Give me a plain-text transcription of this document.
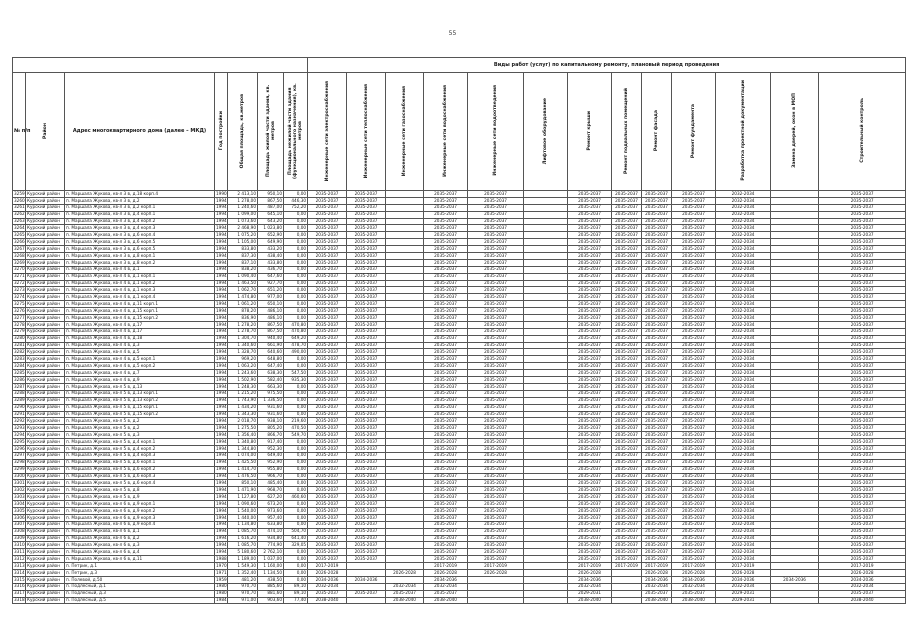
55
							Виды работ (услуг) по капитальному ремонту, плановый период проведения												
№ п/п	Район	Адрес многоквартирного дома (далее – МКД)	Год постройки	Общая площадь, кв.метров	Площадь жилой части здания, кв. метров	Площадь нежилой части здания (функционального назначения), кв. метров	Инженерные сети электроснабжения	Инженерные сети теплоснабжения	Инженерные сети газоснабжения	Инженерные сети водоснабжения	Инженерные сети водоотведения	Лифтовое оборудование	Ремонт крыши	Ремонт подвальных помещений	Ремонт фасада	Ремонт фундамента	Разработка проектной документации	Замена дверей, окон в МОП	Строительный контроль
3259	Курский район	п. Маршала Жукова, кв-л 3 в, д.18 корп.4	1990	2 413,10	950,10	0,00	2035-2037	2035-2037		2035-2037	2035-2037		2035-2037	2035-2037	2035-2037	2035-2037	2032-2034		2035-2037
3260	Курский район	п. Маршала Жукова, кв-л 3 в, д.2	1994	1 278,00	867,50	446,30	2035-2037	2035-2037		2035-2037	2035-2037		2035-2037	2035-2037	2035-2037	2035-2037	2032-2034		2035-2037
3261	Курский район	п. Маршала Жукова, кв-л 3 в, д.2 корп.1	1994	1 240,60	487,00	752,20	2035-2037	2035-2037		2035-2037	2035-2037		2035-2037	2035-2037	2035-2037	2035-2037	2032-2034		2035-2037
3262	Курский район	п. Маршала Жукова, кв-л 3 в, д.4 корп.1	1994	1 099,00	645,10	0,00	2035-2037	2035-2037		2035-2037	2035-2037		2035-2037	2035-2037	2035-2037	2035-2037	2032-2034		2035-2037
3263	Курский район	п. Маршала Жукова, кв-л 3 в, д.4 корп.2	1994	1 073,60	643,20	0,00	2035-2037	2035-2037		2035-2037	2035-2037		2035-2037	2035-2037	2035-2037	2035-2037	2032-2034		2035-2037
3264	Курский район	п. Маршала Жукова, кв-л 3 в, д.4 корп.3	1994	2 468,90	1 023,80	0,00	2035-2037	2035-2037		2035-2037	2035-2037		2035-2037	2035-2037	2035-2037	2035-2037	2032-2034		2035-2037
3265	Курский район	п. Маршала Жукова, кв-л 3 в, д.6 корп.4	1994	1 075,20	652,90	0,00	2035-2037	2035-2037		2035-2037	2035-2037		2035-2037	2035-2037	2035-2037	2035-2037	2032-2034		2035-2037
3266	Курский район	п. Маршала Жукова, кв-л 3 в, д.6 корп.5	1994	1 105,00	649,90	0,00	2035-2037	2035-2037		2035-2037	2035-2037		2035-2037	2035-2037	2035-2037	2035-2037	2032-2034		2035-2037
3267	Курский район	п. Маршала Жукова, кв-л 3 в, д.6 корп.5	1994	833,80	433,20	0,00	2035-2037	2035-2037		2035-2037	2035-2037		2035-2037	2035-2037	2035-2037	2035-2037	2032-2034		2035-2037
3268	Курский район	п. Маршала Жукова, кв-л 3 в, д.8 корп.1	1994	837,30	438,40	0,00	2035-2037	2035-2037		2035-2037	2035-2037		2035-2037	2035-2037	2035-2037	2035-2037	2032-2034		2035-2037
3269	Курский район	п. Маршала Жукова, кв-л 3 в, д.8 корп.2	1994	837,10	433,80	0,00	2035-2037	2035-2037		2035-2037	2035-2037		2035-2037	2035-2037	2035-2037	2035-2037	2032-2034		2035-2037
3270	Курский район	п. Маршала Жукова, кв-л 4 в, д.1	1994	838,20	436,70	0,00	2035-2037	2035-2037		2035-2037	2035-2037		2035-2037	2035-2037	2035-2037	2035-2037	2032-2034		2035-2037
3271	Курский район	п. Маршала Жукова, кв-л 4 в, д.1 корп.1	1994	1 090,40	647,60	0,00	2035-2037	2035-2037		2035-2037	2035-2037		2035-2037	2035-2037	2035-2037	2035-2037	2032-2034		2035-2037
3272	Курский район	п. Маршала Жукова, кв-л 4 в, д.1 корп.2	1994	1 463,50	927,70	0,00	2035-2037	2035-2037		2035-2037	2035-2037		2035-2037	2035-2037	2035-2037	2035-2037	2032-2034		2035-2037
3273	Курский район	п. Маршала Жукова, кв-л 4 в, д.1 корп.3	1994	1 062,70	651,20	0,00	2035-2037	2035-2037		2035-2037	2035-2037		2035-2037	2035-2037	2035-2037	2035-2037	2032-2034		2035-2037
3274	Курский район	п. Маршала Жукова, кв-л 4 в, д.1 корп.4	1994	1 474,80	977,00	0,00	2035-2037	2035-2037		2035-2037	2035-2037		2035-2037	2035-2037	2035-2037	2035-2037	2032-2034		2035-2037
3275	Курский район	п. Маршала Жукова, кв-л 4 в, д.11 корп.1	1994	1 061,20	650,10	0,00	2035-2037	2035-2037		2035-2037	2035-2037		2035-2037	2035-2037	2035-2037	2035-2037	2032-2034		2035-2037
3276	Курский район	п. Маршала Жукова, кв-л 4 в, д.15 корп.1	1994	878,20	486,10	0,00	2035-2037	2035-2037		2035-2037	2035-2037		2035-2037	2035-2037	2035-2037	2035-2037	2032-2034		2035-2037
3277	Курский район	п. Маршала Жукова, кв-л 4 в, д.15 корп.2	1994	836,90	486,10	0,00	2035-2037	2035-2037		2035-2037	2035-2037		2035-2037	2035-2037	2035-2037	2035-2037	2032-2034		2035-2037
3278	Курский район	п. Маршала Жукова, кв-л 4 в, д.17	1994	1 278,20	867,50	470,80	2035-2037	2035-2037		2035-2037	2035-2037		2035-2037	2035-2037	2035-2037	2035-2037	2032-2034		2035-2037
3279	Курский район	п. Маршала Жукова, кв-л 4 в, д.17	1994	1 278,70	867,50	470,80	2035-2037	2035-2037		2035-2037	2035-2037		2035-2037	2035-2037	2035-2037	2035-2037	2032-2034		2035-2037
3280	Курский район	п. Маршала Жукова, кв-л 4 в, д.18	1994	1 304,70	940,40	649,20	2035-2037	2035-2037		2035-2037	2035-2037		2035-2037	2035-2037	2035-2037	2035-2037	2032-2034		2035-2037
3281	Курский район	п. Маршала Жукова, кв-л 4 в, д.3	1994	1 340,60	661,90	478,70	2035-2037	2035-2037		2035-2037	2035-2037		2035-2037	2035-2037	2035-2037	2035-2037	2032-2034		2035-2037
3282	Курский район	п. Маршала Жукова, кв-л 4 в, д.5	1994	1 328,70	640,60	490,00	2035-2037	2035-2037		2035-2037	2035-2037		2035-2037	2035-2037	2035-2037	2035-2037	2032-2034		2035-2037
3283	Курский район	п. Маршала Жукова, кв-л 4 в, д.5 корп.1	1994	969,20	648,80	0,00	2035-2037	2035-2037		2035-2037	2035-2037		2035-2037	2035-2037	2035-2037	2035-2037	2032-2034		2035-2037
3284	Курский район	п. Маршала Жукова, кв-л 4 в, д.5 корп.2	1994	1 063,20	647,40	0,00	2035-2037	2035-2037		2035-2037	2035-2037		2035-2037	2035-2037	2035-2037	2035-2037	2032-2034		2035-2037
3285	Курский район	п. Маршала Жукова, кв-л 4 в, д.7	1994	1 243,60	638,30	547,50	2035-2037	2035-2037		2035-2037	2035-2037		2035-2037	2035-2037	2035-2037	2035-2037	2032-2034		2035-2037
3286	Курский район	п. Маршала Жукова, кв-л 4 в, д.9	1994	1 502,90	582,40	935,30	2035-2037	2035-2037		2035-2037	2035-2037		2035-2037	2035-2037	2035-2037	2035-2037	2032-2034		2035-2037
3287	Курский район	п. Маршала Жукова, кв-л 5 в, д.13	1994	1 248,30	663,30	0,00	2035-2037	2035-2037		2035-2037	2035-2037		2035-2037	2035-2037	2035-2037	2035-2037	2032-2034		2035-2037
3288	Курский район	п. Маршала Жукова, кв-л 5 в, д.13 корп.1	1994	1 215,20	975,50	0,00	2035-2037	2035-2037		2035-2037	2035-2037		2035-2037	2035-2037	2035-2037	2035-2037	2032-2034		2035-2037
3289	Курский район	п. Маршала Жукова, кв-л 5 в, д.13 корп.2	1994	1 743,90	1 336,50	0,00	2035-2037	2035-2037		2035-2037	2035-2037		2035-2037	2035-2037	2035-2037	2035-2037	2032-2034		2035-2037
3290	Курский район	п. Маршала Жукова, кв-л 5 в, д.15 корп.1	1994	1 434,20	931,60	0,00	2035-2037	2035-2037		2035-2037	2035-2037		2035-2037	2035-2037	2035-2037	2035-2037	2032-2034		2035-2037
3291	Курский район	п. Маршала Жукова, кв-л 5 в, д.15 корп.2	1994	1 343,30	931,60	0,00	2035-2037	2035-2037		2035-2037	2035-2037		2035-2037	2035-2037	2035-2037	2035-2037	2032-2034		2035-2037
3292	Курский район	п. Маршала Жукова, кв-л 5 в, д.2	1994	2 018,70	938,10	219,60	2035-2037	2035-2037		2035-2037	2035-2037		2035-2037	2035-2037	2035-2037	2035-2037	2032-2034		2035-2037
3293	Курский район	п. Маршала Жукова, кв-л 5 в, д.2	1994	1 275,50	805,20	470,50	2035-2037	2035-2037		2035-2037	2035-2037		2035-2037	2035-2037	2035-2037	2035-2037	2032-2034		2035-2037
3294	Курский район	п. Маршала Жукова, кв-л 5 в, д.3	1994	1 356,40	866,70	549,70	2035-2037	2035-2037		2035-2037	2035-2037		2035-2037	2035-2037	2035-2037	2035-2037	2032-2034		2035-2037
3295	Курский район	п. Маршала Жукова, кв-л 5 в, д.4 корп.1	1994	1 340,80	917,40	0,00	2035-2037	2035-2037		2035-2037	2035-2037		2035-2037	2035-2037	2035-2037	2035-2037	2032-2034		2035-2037
3296	Курский район	п. Маршала Жукова, кв-л 5 в, д.4 корп.2	1994	1 344,80	952,30	0,00	2035-2037	2035-2037		2035-2037	2035-2037		2035-2037	2035-2037	2035-2037	2035-2037	2032-2034		2035-2037
3297	Курский район	п. Маршала Жукова, кв-л 5 в, д.4 корп.3	1994	1 074,00	649,40	0,00	2035-2037	2035-2037		2035-2037	2035-2037		2035-2037	2035-2037	2035-2037	2035-2037	2032-2034		2035-2037
3298	Курский район	п. Маршала Жукова, кв-л 5 в, д.6 корп.1	1994	1 425,50	952,90	0,00	2035-2037	2035-2037		2035-2037	2035-2037		2035-2037	2035-2037	2035-2037	2035-2037	2032-2034		2035-2037
3299	Курский район	п. Маршала Жукова, кв-л 5 в, д.6 корп.2	1994	1 414,70	955,80	0,00	2035-2037	2035-2037		2035-2037	2035-2037		2035-2037	2035-2037	2035-2037	2035-2037	2032-2034		2035-2037
3300	Курский район	п. Маршала Жукова, кв-л 5 в, д.6 корп.3	1994	1 476,50	966,70	0,00	2035-2037	2035-2037		2035-2037	2035-2037		2035-2037	2035-2037	2035-2037	2035-2037	2032-2034		2035-2037
3301	Курский район	п. Маршала Жукова, кв-л 5 в, д.6 корп.4	1994	850,10	485,40	0,00	2035-2037	2035-2037		2035-2037	2035-2037		2035-2037	2035-2037	2035-2037	2035-2037	2032-2034		2035-2037
3302	Курский район	п. Маршала Жукова, кв-л 5 в, д.8	1994	1 471,90	968,70	0,00	2035-2037	2035-2037		2035-2037	2035-2037		2035-2037	2035-2037	2035-2037	2035-2037	2032-2034		2035-2037
3303	Курский район	п. Маршала Жукова, кв-л 5 в, д.9	1994	1 127,80	627,20	460,60	2035-2037	2035-2037		2035-2037	2035-2037		2035-2037	2035-2037	2035-2037	2035-2037	2032-2034		2035-2037
3304	Курский район	п. Маршала Жукова, кв-л 6 в, д.9 корп.1	1994	1 090,60	673,20	0,00	2035-2037	2035-2037		2035-2037	2035-2037		2035-2037	2035-2037	2035-2037	2035-2037	2032-2034		2035-2037
3305	Курский район	п. Маршала Жукова, кв-л 6 в, д.9 корп.2	1994	1 540,00	973,60	0,00	2035-2037	2035-2037		2035-2037	2035-2037		2035-2037	2035-2037	2035-2037	2035-2037	2032-2034		2035-2037
3306	Курский район	п. Маршала Жукова, кв-л 6 в, д.9 корп.3	1994	1 440,00	957,40	0,00	2035-2037	2035-2037		2035-2037	2035-2037		2035-2037	2035-2037	2035-2037	2035-2037	2032-2034		2035-2037
3307	Курский район	п. Маршала Жукова, кв-л 6 в, д.9 корп.4	1994	1 134,80	633,80	0,00	2035-2037	2035-2037		2035-2037	2035-2037		2035-2037	2035-2037	2035-2037	2035-2037	2032-2034		2035-2037
3308	Курский район	п. Маршала Жукова, кв-л 6 в, д.1	1994	1 085,70	474,10	504,70	2035-2037	2035-2037		2035-2037	2035-2037		2035-2037	2035-2037	2035-2037	2035-2037	2032-2034		2035-2037
3309	Курский район	п. Маршала Жукова, кв-л 6 в, д.2	1994	1 616,20	934,80	641,40	2035-2037	2035-2037		2035-2037	2035-2037		2035-2037	2035-2037	2035-2037	2035-2037	2032-2034		2035-2037
3310	Курский район	п. Маршала Жукова, кв-л 6 в, д.3	1994	1 085,70	774,90	329,05	2035-2037	2035-2037		2035-2037	2035-2037		2035-2037	2035-2037	2035-2037	2035-2037	2032-2034		2035-2037
3311	Курский район	п. Маршала Жукова, кв-л 6 в, д.4	1994	5 180,60	2 762,10	0,00	2035-2037	2035-2037		2035-2037	2035-2037		2035-2037	2035-2037	2035-2037	2035-2037	2032-2034		2035-2037
3312	Курский район	п. Маршала Жукова, кв-л 6 в, д.11	1988	1 189,00	1 037,00	0,00	2035-2037	2035-2037		2035-2037	2035-2037		2035-2037	2035-2037	2035-2037	2035-2037	2032-2034		2035-2037
3313	Курский район	п. Петрик, д.1	1970	1 549,30	1 160,00	0,00	2017-2019			2017-2019	2017-2019		2017-2019	2017-2019	2017-2019	2017-2019	2017-2019		2017-2019
3314	Курский район	п. Петрик, д.3	1971	1 352,40	1 134,50	0,00	2026-2028		2026-2028	2026-2028	2026-2028		2026-2028		2026-2028	2026-2028	2026-2028		2026-2028
3315	Курский район	п. Полевой, д.50	1959	481,20	438,50	0,00	2034-2036	2034-2036		2034-2036			2034-2036		2034-2036	2034-2036	2034-2036	2034-2036	2034-2036
3316	Курский район	п. Подлесный, д.1	1980	970,70	885,60	89,10	2032-2034		2032-2034	2032-2034			2032-2034		2032-2034	2032-2034	2032-2034		2032-2034
3317	Курский район	п. Подлесный, д.3	1980	970,70	881,60	89,10	2035-2037	2035-2037	2035-2037	2035-2037			2029-2031		2035-2037	2035-2037	2029-2031		2035-2037
3318	Курский район	п. Подлесный, д.5	1984	971,00	903,60	77,40	2038-2040		2038-2040	2038-2040			2038-2040		2038-2040	2038-2040	2029-2031		2038-2040
